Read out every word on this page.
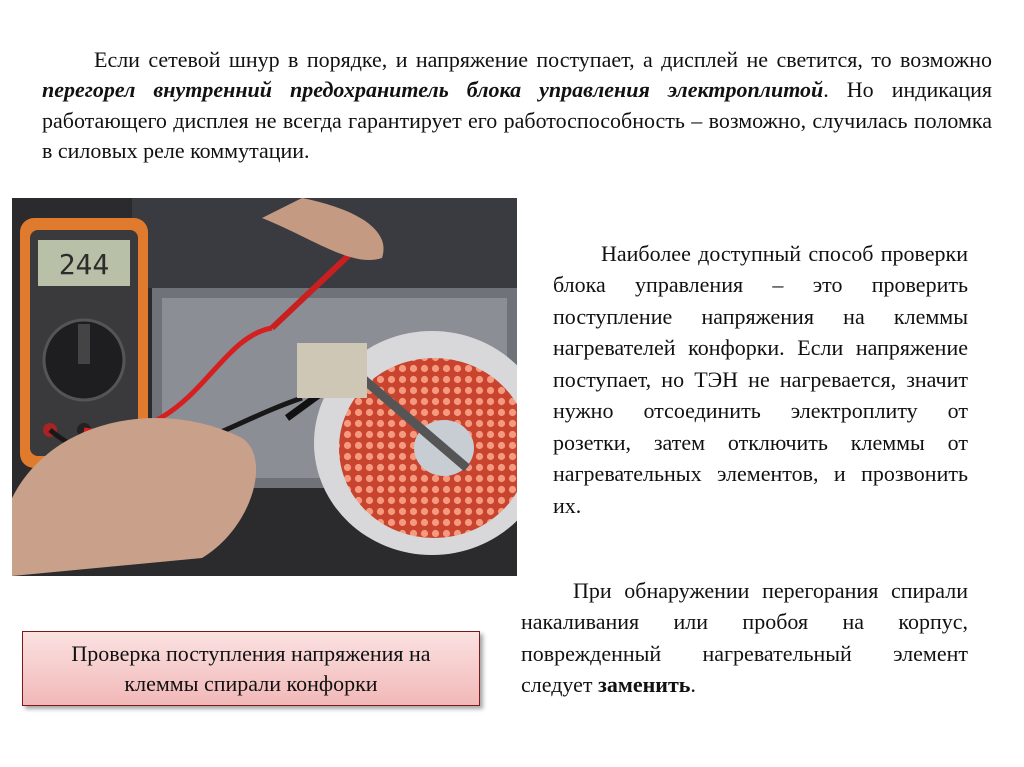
Если сетевой шнур в порядке, и напряжение поступает, а дисплей не светится, то возможно перегорел внутренний предохранитель блока управления электроплитой. Но индикация работающего дисплея не всегда гарантирует его работоспособность – возможно, случилась поломка в силовых реле коммутации.

244
Проверка поступления напряжения на клеммы спирали конфорки

Наиболее доступный способ проверки блока управления – это проверить поступление напряжения на клеммы нагревателей конфорки. Если напряжение поступает, но ТЭН не нагревается, значит нужно отсоединить электроплиту от розетки, затем отключить клеммы от нагревательных элементов, и прозвонить их.

При обнаружении перегорания спирали накаливания или пробоя на корпус, поврежденный нагревательный элемент следует заменить.
